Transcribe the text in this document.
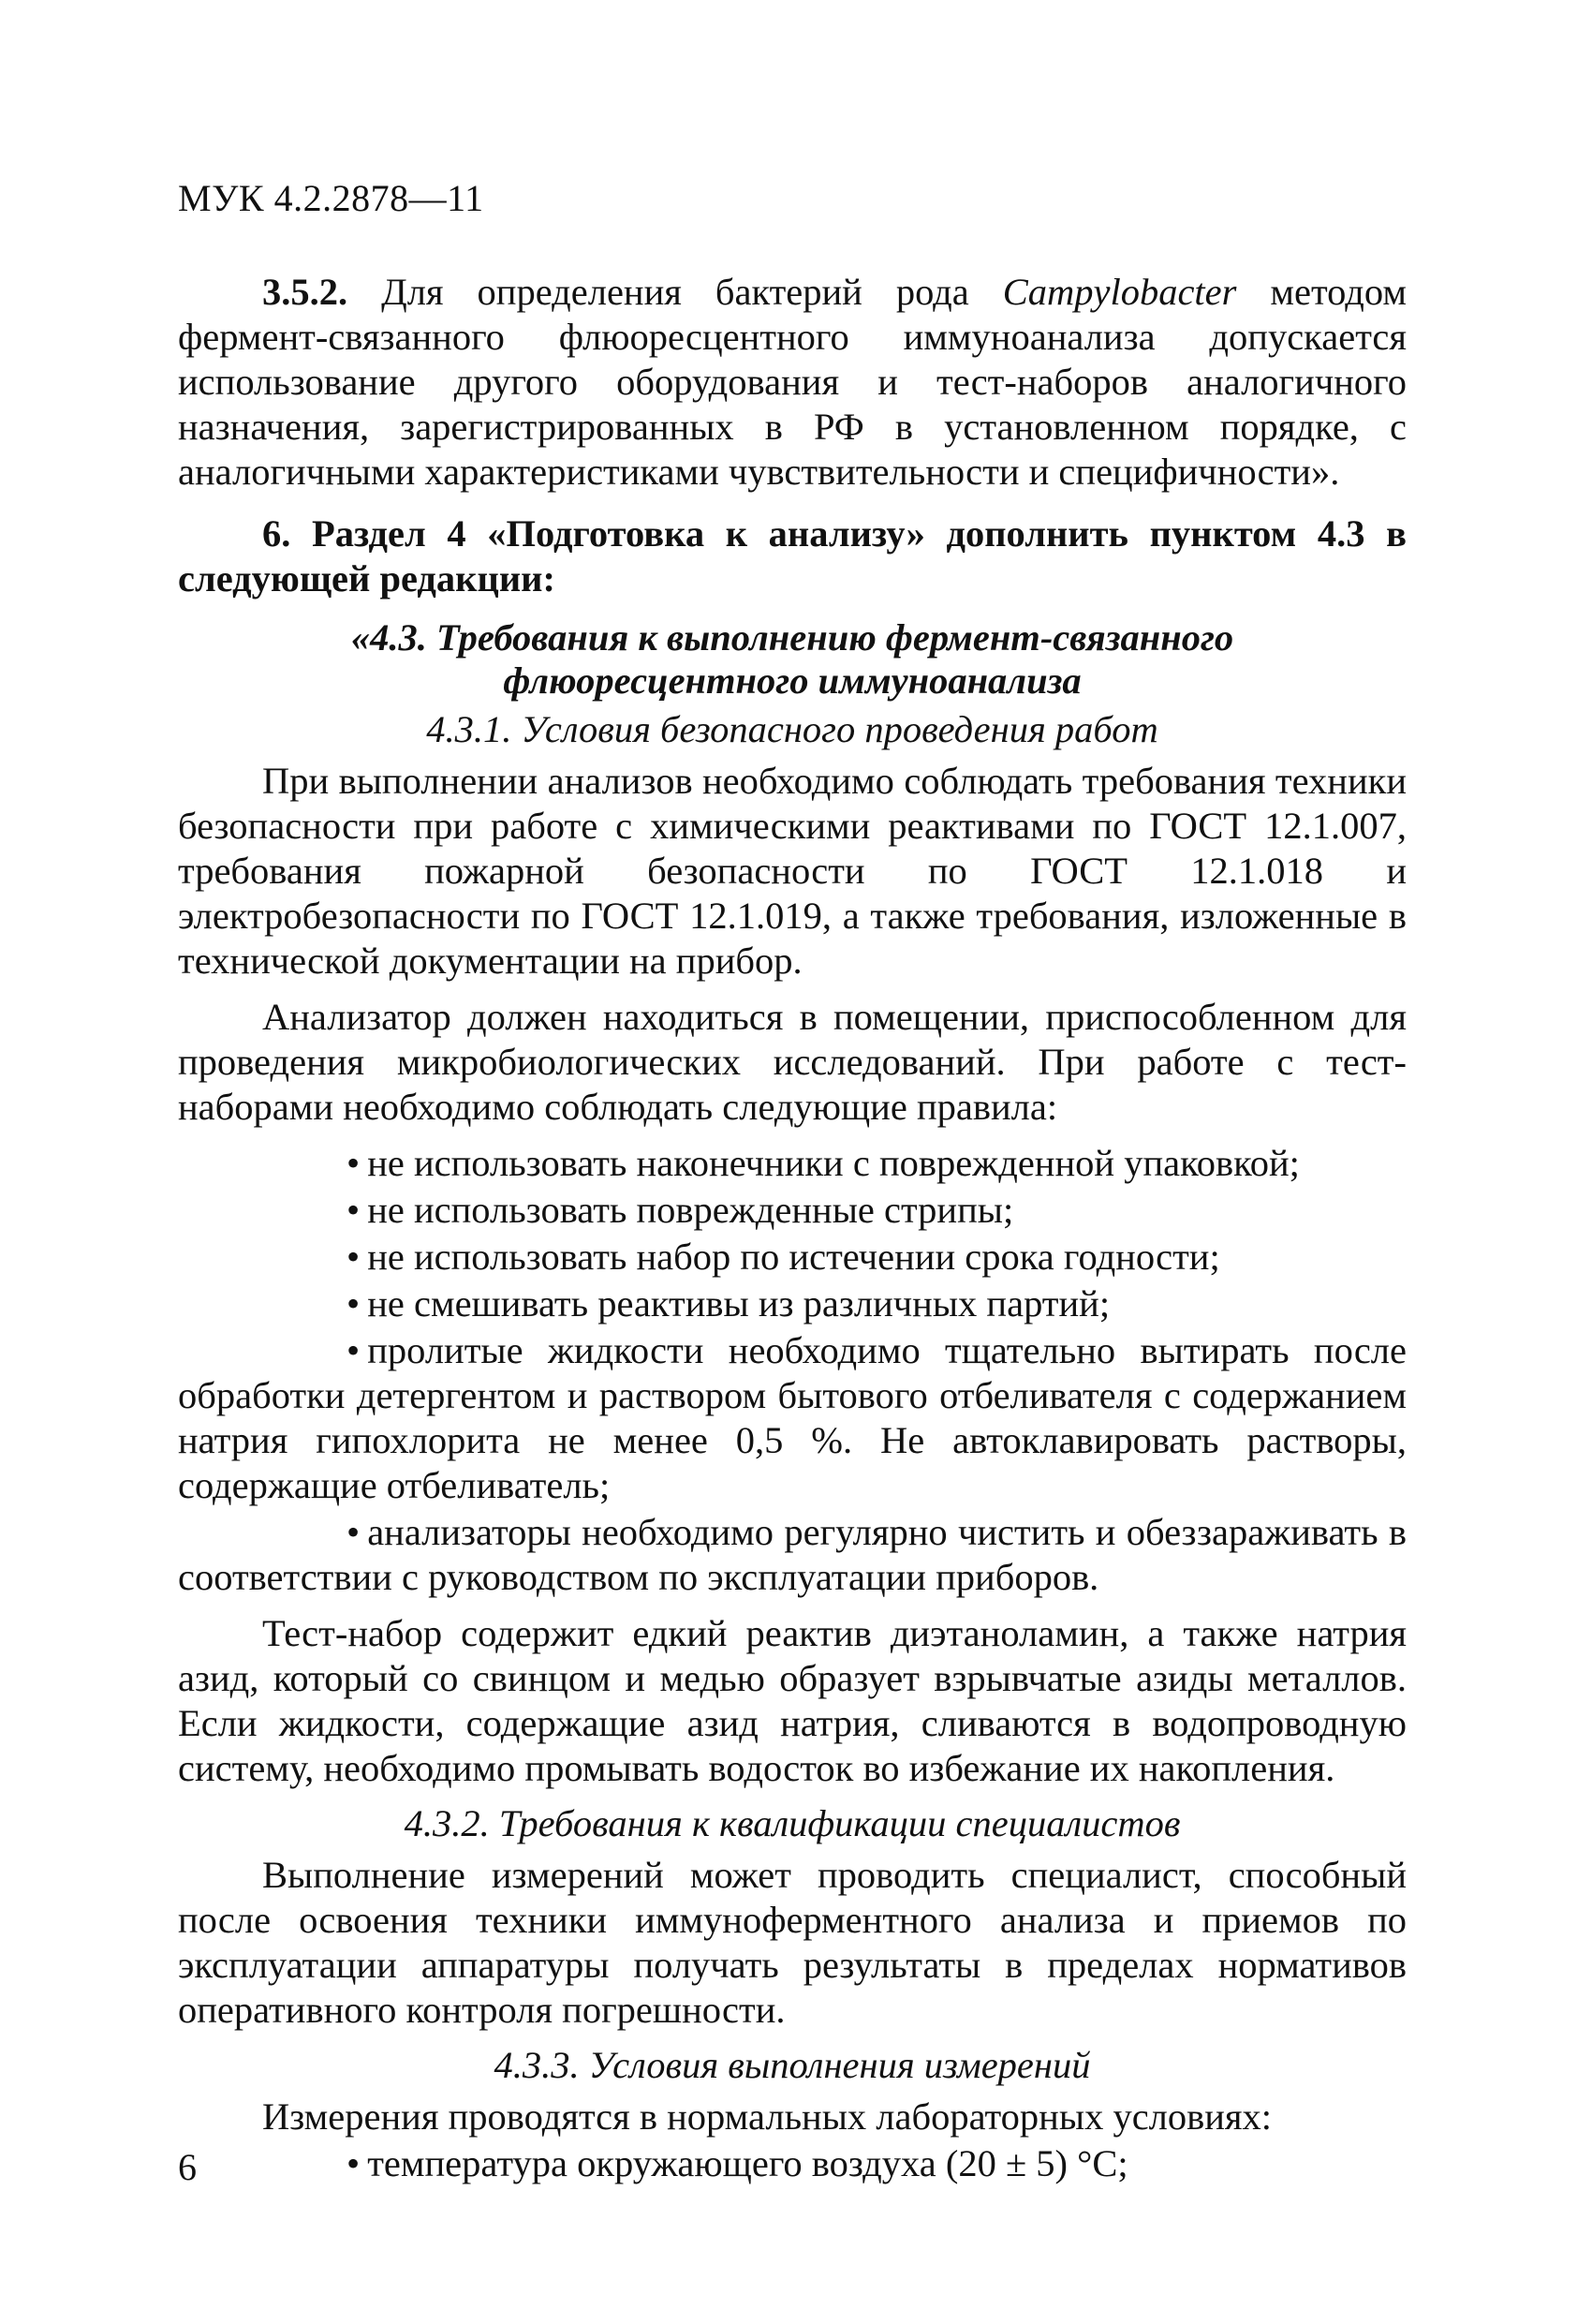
МУК 4.2.2878—11

3.5.2. Для определения бактерий рода Campylobacter методом фермент-связанного флюоресцентного иммуноанализа допускается использование другого оборудования и тест-наборов аналогичного назначения, зарегистрированных в РФ в установленном порядке, с аналогичными характеристиками чувствительности и специфичности».

6. Раздел 4 «Подготовка к анализу» дополнить пунктом 4.3 в следующей редакции:

«4.3. Требования к выполнению фермент-связанного
флюоресцентного иммуноанализа
4.3.1. Условия безопасного проведения работ

При выполнении анализов необходимо соблюдать требования техники безопасности при работе с химическими реактивами по ГОСТ 12.1.007, требования пожарной безопасности по ГОСТ 12.1.018 и электробезопасности по ГОСТ 12.1.019, а также требования, изложенные в технической документации на прибор.

Анализатор должен находиться в помещении, приспособленном для проведения микробиологических исследований. При работе с тест-наборами необходимо соблюдать следующие правила:

• не использовать наконечники с поврежденной упаковкой;

• не использовать поврежденные стрипы;

• не использовать набор по истечении срока годности;

• не смешивать реактивы из различных партий;

• пролитые жидкости необходимо тщательно вытирать после обработки детергентом и раствором бытового отбеливателя с содержанием натрия гипохлорита не менее 0,5 %. Не автоклавировать растворы, содержащие отбеливатель;

• анализаторы необходимо регулярно чистить и обеззараживать в соответствии с руководством по эксплуатации приборов.

Тест-набор содержит едкий реактив диэтаноламин, а также натрия азид, который со свинцом и медью образует взрывчатые азиды металлов. Если жидкости, содержащие азид натрия, сливаются в водопроводную систему, необходимо промывать водосток во избежание их накопления.

4.3.2. Требования к квалификации специалистов

Выполнение измерений может проводить специалист, способный после освоения техники иммуноферментного анализа и приемов по эксплуатации аппаратуры получать результаты в пределах нормативов оперативного контроля погрешности.

4.3.3. Условия выполнения измерений

Измерения проводятся в нормальных лабораторных условиях:

• температура окружающего воздуха (20 ± 5) °С;

6
